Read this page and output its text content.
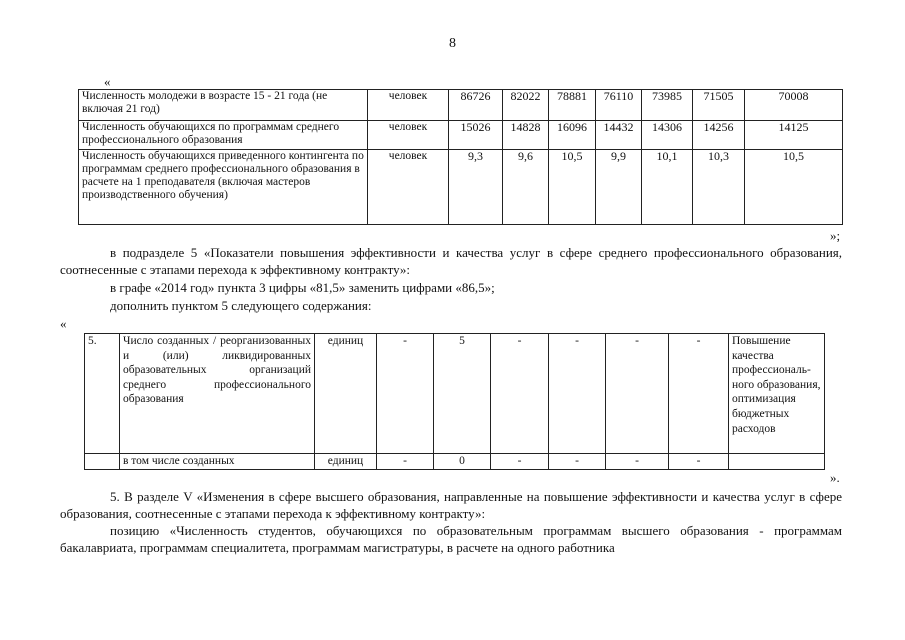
8
«
Численность молодежи в возрасте 15 - 21 года (не включая 21 год)	человек	86726	82022	78881	76110	73985	71505	70008
Численность обучающихся по программам среднего профессионального образования	человек	15026	14828	16096	14432	14306	14256	14125
Численность обучающихся приведенного контингента по программам среднего профессионального образования в расчете на 1 преподавателя (включая мастеров производственного обучения)	человек	9,3	9,6	10,5	9,9	10,1	10,3	10,5
»;
в подразделе 5 «Показатели повышения эффективности и качества услуг в сфере среднего профессионального образования, соотнесенные с этапами перехода к эффективному контракту»:
в графе «2014 год» пункта 3 цифры «81,5» заменить цифрами «86,5»;
дополнить пунктом 5 следующего содержания:
«
5.	Число созданных / реорганизованных и (или) ликвидированных образовательных организаций среднего профессионального образования	единиц	-	5	-	-	-	-	Повышение качества профессиональ-ного образования, оптимизация бюджетных расходов
	в том числе созданных	единиц	-	0	-	-	-	-	
».
5. В разделе V «Изменения в сфере высшего образования, направленные на повышение эффективности и качества услуг в сфере образования, соотнесенные с этапами перехода к эффективному контракту»:
позицию «Численность студентов, обучающихся по образовательным программам высшего образования - программам бакалавриата, программам специалитета, программам магистратуры, в расчете на одного работника
